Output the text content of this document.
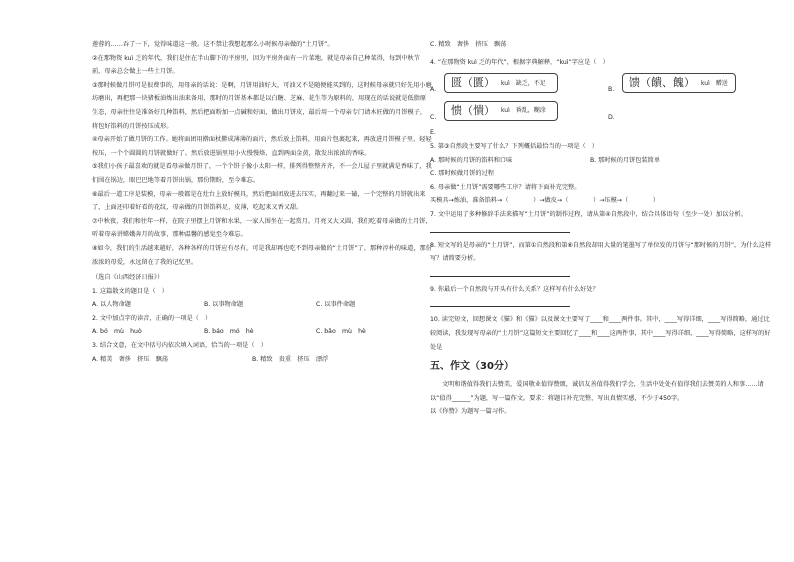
莲蓉的……吞了一下，觉得味道这一般。这不禁让我想起那么小时候母亲做的“土月饼”。

②在那物资 kuì 乏的年代，我们是住在半山脚下的平房里，因为平房外面有一片菜地，就是母亲自己种菜得，每到中秋节前，母亲总会做上一些土月饼。

③那时候做月饼可是很费事的，用母亲的话说：是啊，月饼用油好大，可油又不是随便能买到的，这时候母亲就只好先用小磨坊磨出，再把那一块猪板油炼出油来备用，那时的月饼基本都是以白糖、芝麻、花生等为原料的，用现在的话说就是低脂原生态，母亲往往是准备好几种馅料，然后把面粉加一点碱和好面，做出月饼皮，最后用一个母亲专门请木匠做的月饼模子，将包好馅料的月饼按压成形。

④母亲开始了做月饼的工作。她将面团用擀面杖擀成薄薄的面片，然后放上馅料，用面片包裹起来，再放进月饼模子里，轻轻按压，一个个圆圆的月饼就做好了。然后放进锅里用小火慢慢烙，直到两面金黄，散发出浓浓的香味。

⑤我们小孩子最喜欢的就是看母亲做月饼了，一个个饼子像小太阳一样，排列得整整齐齐，不一会儿屋子里就满是香味了，我们围在锅边，眼巴巴地等着月饼出锅，那份期盼，至今难忘。

⑥最后一道工序是装模，母亲一般都是在灶台上放好模具，然后把面团放进去压实，再翻过来一磕，一个完整的月饼就出来了，上面还印着好看的花纹，母亲做的月饼馅料足、皮薄，吃起来又香又甜。

⑦中秋夜，我们和往年一样，在院子里摆上月饼和水果，一家人围坐在一起赏月。月亮又大又圆，我们吃着母亲做的土月饼，听着母亲讲嫦娥奔月的故事，那种温馨的感觉至今难忘。

⑧如今，我们的生活越来越好，各种各样的月饼应有尽有，可是我却再也吃不到母亲做的“土月饼”了，那种淳朴的味道，那份浓浓的母爱，永远留在了我的记忆里。

（选自《山西经济日报》）

1. 这篇散文的题目是（　）

A. 以人物命题	B. 以事物命题	C. 以事件命题

2. 文中加点字的读音，正确的一项是（　）

A. bó　mù　huò	B. báo　mó　hè	C. bǎo　mù　hè

3. 结合文意，在文中括号内依次填入词语，恰当的一项是（　）

A. 精美　奢侈　挤压　飘荡	B. 精致　贵重　挤压　漂浮

C. 精致　奢侈　挤压　飘荡

4. “在那物资 kuì 乏的年代”，根据字典解释，“kuì”字应是（　）

A.
匮（匱） kuì 缺乏，不足
B.
馈（饋、餽） kuì 赠送
C.
愦（憒） kuì 昏乱，糊涂
D.

E.

5. 第③自然段主要写了什么？下列概括最恰当的一项是（　）

A. 那时候的月饼的馅料和口味	B. 那时候的月饼包装简单

C. 那时候做月饼的过程

6. 母亲做“土月饼”需要哪些工序？请将下面补充完整。

买模具→炼油、准备馅料→（　　　　）→做皮→（　　　　）→压模→（　　　　）

7. 文中运用了多种修辞手法来描写“土月饼”的制作过程，请从第④自然段中，结合具体语句（至少一处）加以分析。

8. 短文写的是母亲的“土月饼”，而第①自然段和第⑥自然段却用大量的笔墨写了单位发的月饼与“那时候的月饼”，为什么这样写？请简要分析。

9. 你最后一个自然段与开头有什么关系？这样写有什么好处？

10. 读完短文，回想课文《猫》和《猫》以及课文主要写了____和____两件事。其中，____写得详细，____写得简略，通过比较阅读，我发现写母亲的“土月饼”这篇短文主要回忆了____和____这两件事，其中____写得详细，____写得简略，这样写的好处是

五、作文（30分）

文明和谐值得我们去赞美，爱国敬业值得赞颂，诚信友善值得我们学会，生活中处处有值得我们去赞美的人和事……请以“值得______”为题，写一篇作文。要求：将题目补充完整，写出真情实感，不少于450字。

以《你赞》为题写一篇习作。
